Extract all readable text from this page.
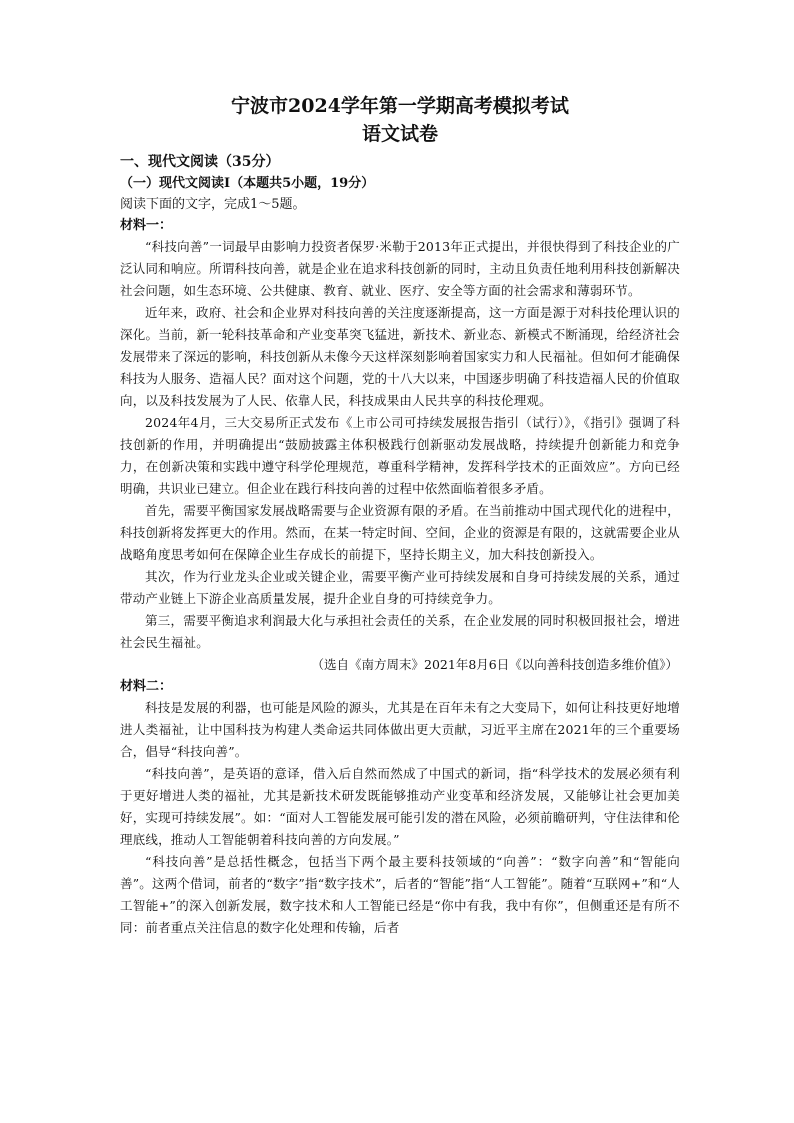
宁波市2024学年第一学期高考模拟考试
语文试卷

一、现代文阅读（35分）

（一）现代文阅读Ⅰ（本题共5小题，19分）

阅读下面的文字，完成1～5题。

材料一：

“科技向善”一词最早由影响力投资者保罗·米勒于2013年正式提出，并很快得到了科技企业的广泛认同和响应。所谓科技向善，就是企业在追求科技创新的同时，主动且负责任地利用科技创新解决社会问题，如生态环境、公共健康、教育、就业、医疗、安全等方面的社会需求和薄弱环节。

近年来，政府、社会和企业界对科技向善的关注度逐渐提高，这一方面是源于对科技伦理认识的深化。当前，新一轮科技革命和产业变革突飞猛进，新技术、新业态、新模式不断涌现，给经济社会发展带来了深远的影响，科技创新从未像今天这样深刻影响着国家实力和人民福祉。但如何才能确保科技为人服务、造福人民？面对这个问题，党的十八大以来，中国逐步明确了科技造福人民的价值取向，以及科技发展为了人民、依靠人民，科技成果由人民共享的科技伦理观。

2024年4月，三大交易所正式发布《上市公司可持续发展报告指引（试行）》，《指引》强调了科技创新的作用，并明确提出“鼓励披露主体积极践行创新驱动发展战略，持续提升创新能力和竞争力，在创新决策和实践中遵守科学伦理规范，尊重科学精神，发挥科学技术的正面效应”。方向已经明确，共识业已建立。但企业在践行科技向善的过程中依然面临着很多矛盾。

首先，需要平衡国家发展战略需要与企业资源有限的矛盾。在当前推动中国式现代化的进程中，科技创新将发挥更大的作用。然而，在某一特定时间、空间，企业的资源是有限的，这就需要企业从战略角度思考如何在保障企业生存成长的前提下，坚持长期主义，加大科技创新投入。

其次，作为行业龙头企业或关键企业，需要平衡产业可持续发展和自身可持续发展的关系，通过带动产业链上下游企业高质量发展，提升企业自身的可持续竞争力。

第三，需要平衡追求利润最大化与承担社会责任的关系，在企业发展的同时积极回报社会，增进社会民生福祉。

（选自《南方周末》2021年8月6日《以向善科技创造多维价值》）

材料二：

科技是发展的利器，也可能是风险的源头，尤其是在百年未有之大变局下，如何让科技更好地增进人类福祉，让中国科技为构建人类命运共同体做出更大贡献，习近平主席在2021年的三个重要场合，倡导“科技向善”。

“科技向善”，是英语的意译，借入后自然而然成了中国式的新词，指“科学技术的发展必须有利于更好增进人类的福祉，尤其是新技术研发既能够推动产业变革和经济发展，又能够让社会更加美好，实现可持续发展”。如：“面对人工智能发展可能引发的潜在风险，必须前瞻研判，守住法律和伦理底线，推动人工智能朝着科技向善的方向发展。”

“科技向善”是总括性概念，包括当下两个最主要科技领域的“向善”：“数字向善”和“智能向善”。这两个借词，前者的“数字”指“数字技术”，后者的“智能”指“人工智能”。随着“互联网+”和“人工智能+”的深入创新发展，数字技术和人工智能已经是“你中有我，我中有你”，但侧重还是有所不同：前者重点关注信息的数字化处理和传输，后者
